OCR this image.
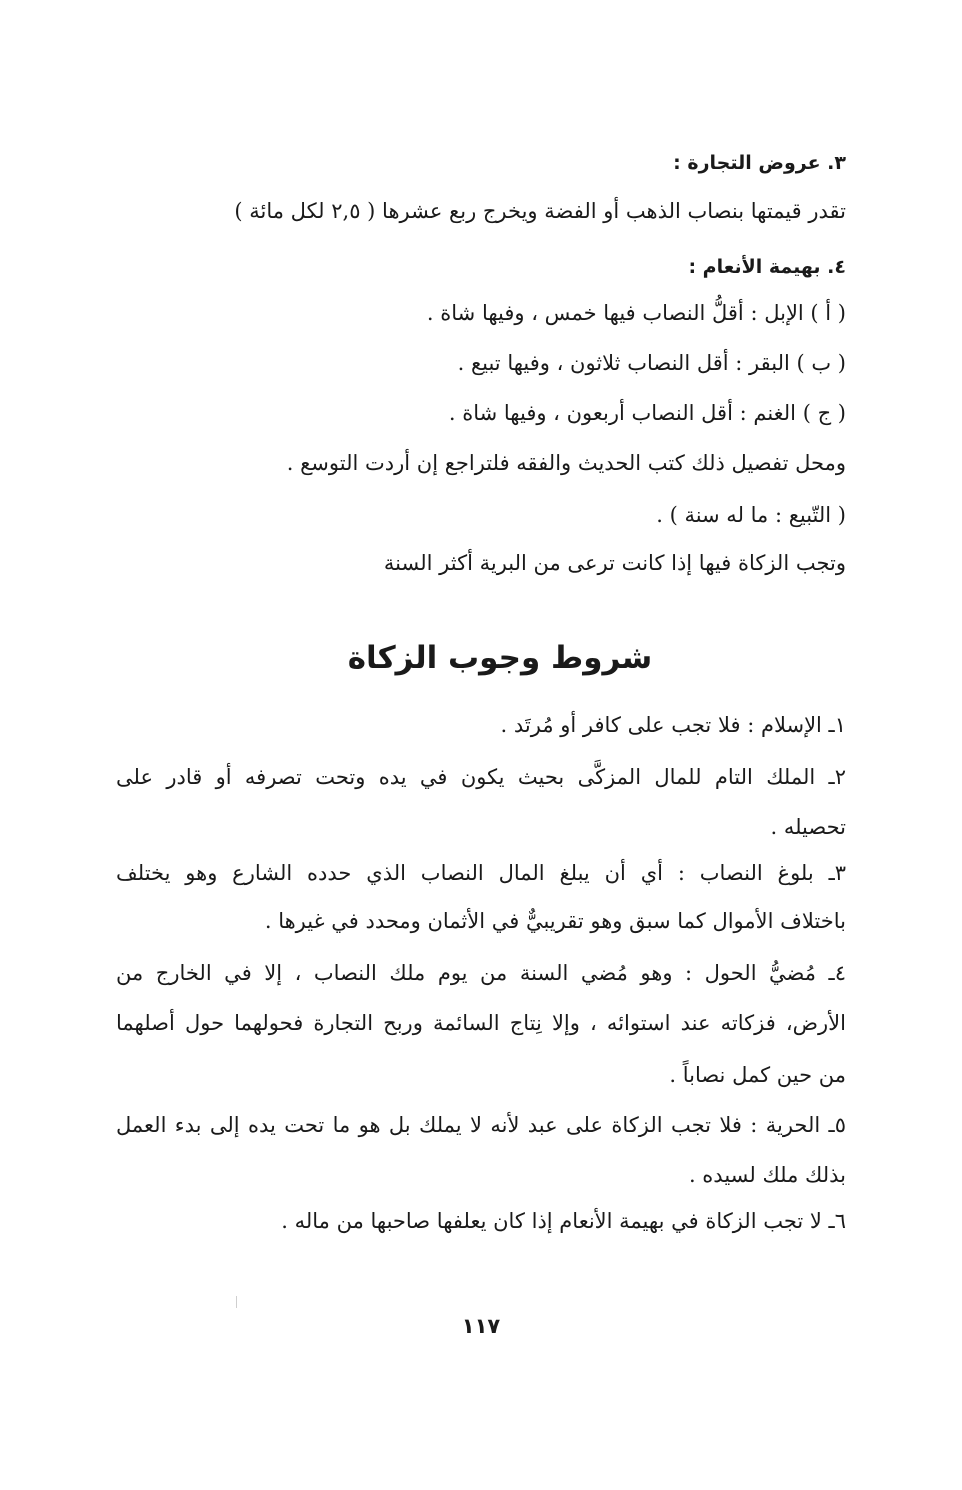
٣. عروض التجارة :
تقدر قيمتها بنصاب الذهب أو الفضة ويخرج ربع عشرها ( ٢,٥ لكل مائة )
٤. بهيمة الأنعام :
( أ ) الإبل : أقلُّ النصاب فيها خمس ، وفيها شاة .
( ب ) البقر : أقل النصاب ثلاثون ، وفيها تبيع .
( ج ) الغنم : أقل النصاب أربعون ، وفيها شاة .
ومحل تفصيل ذلك كتب الحديث والفقه فلتراجع إن أردت التوسع .
( التّبيع : ما له سنة ) .
وتجب الزكاة فيها إذا كانت ترعى من البرية أكثر السنة
شروط وجوب الزكاة
١ـ الإسلام : فلا تجب على كافر أو مُرتَد .
٢ـ الملك التام للمال المزكَّى بحيث يكون في يده وتحت تصرفه أو قادر على
تحصيله .
٣ـ بلوغ النصاب : أي أن يبلغ المال النصاب الذي حدده الشارع وهو يختلف
باختلاف الأموال كما سبق وهو تقريبيٌّ في الأثمان ومحدد في غيرها .
٤ـ مُضيُّ الحول : وهو مُضي السنة من يوم ملك النصاب ، إلا في الخارج من
الأرض، فزكاته عند استوائه ، وإلا نِتاج السائمة وربح التجارة فحولهما حول أصلهما
من حين كمل نصاباً .
٥ـ الحرية : فلا تجب الزكاة على عبد لأنه لا يملك بل هو ما تحت يده إلى بدء العمل
بذلك ملك لسيده .
٦ـ لا تجب الزكاة في بهيمة الأنعام إذا كان يعلفها صاحبها من ماله .
١١٧
